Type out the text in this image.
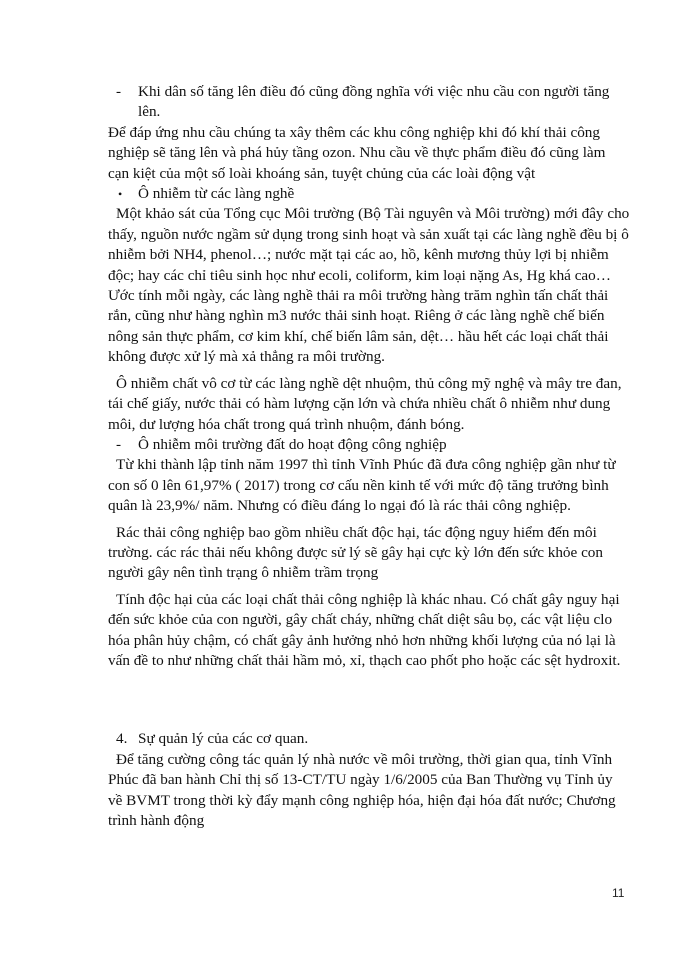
- Khi dân số tăng lên điều đó cũng đồng nghĩa với việc nhu cầu con người tăng lên.

Để đáp ứng nhu cầu chúng ta xây thêm các khu công nghiệp khi đó khí thải công nghiệp sẽ tăng lên và phá hủy tầng ozon. Nhu cầu về thực phẩm điều đó cũng làm cạn kiệt của một số loài khoáng sản, tuyệt chủng của các loài động vật

• Ô nhiễm từ các làng nghề

Một khảo sát của Tổng cục Môi trường (Bộ Tài nguyên và Môi trường) mới đây cho thấy, nguồn nước ngầm sử dụng trong sinh hoạt và sản xuất tại các làng nghề đều bị ô nhiễm bởi NH4, phenol…; nước mặt tại các ao, hồ, kênh mương thủy lợi bị nhiễm độc; hay các chỉ tiêu sinh học như ecoli, coliform, kim loại nặng As, Hg khá cao… Ước tính mỗi ngày, các làng nghề thải ra môi trường hàng trăm nghìn tấn chất thải rắn, cũng như hàng nghìn m3 nước thải sinh hoạt. Riêng ở các làng nghề chế biến nông sản thực phẩm, cơ kim khí, chế biến lâm sản, dệt… hầu hết các loại chất thải không được xử lý mà xả thẳng ra môi trường.

Ô nhiễm chất vô cơ từ các làng nghề dệt nhuộm, thủ công mỹ nghệ và mây tre đan, tái chế giấy, nước thải có hàm lượng cặn lớn và chứa nhiều chất ô nhiễm như dung môi, dư lượng hóa chất trong quá trình nhuộm, đánh bóng.

- Ô nhiễm môi trường đất do hoạt động công nghiệp

Từ khi thành lập tỉnh năm 1997 thì tỉnh Vĩnh Phúc đã đưa công nghiệp gần như từ con số 0 lên 61,97% ( 2017) trong cơ cấu nền kinh tế với mức độ tăng trưởng bình quân là 23,9%/ năm. Nhưng có điều đáng lo ngại đó là rác thải công nghiệp.

Rác thải công nghiệp bao gồm nhiều chất độc hại, tác động nguy hiểm đến môi trường. các rác thải nếu không được sử lý sẽ gây hại cực kỳ lớn đến sức khỏe con người gây nên tình trạng ô nhiễm trầm trọng

Tính độc hại của các loại chất thải công nghiệp là khác nhau. Có chất gây nguy hại đến sức khỏe của con người, gây chất cháy, những chất diệt sâu bọ, các vật liệu clo hóa phân hủy chậm, có chất gây ảnh hưởng nhỏ hơn những khối lượng của nó lại là vấn đề to như những chất thải hầm mỏ, xỉ, thạch cao phốt pho hoặc các sệt hydroxit.

4. Sự quản lý của các cơ quan.

Để tăng cường công tác quản lý nhà nước về môi trường, thời gian qua, tỉnh Vĩnh Phúc đã ban hành Chỉ thị số 13-CT/TU ngày 1/6/2005 của Ban Thường vụ Tỉnh ủy về BVMT trong thời kỳ đẩy mạnh công nghiệp hóa, hiện đại hóa đất nước; Chương trình hành động

11
